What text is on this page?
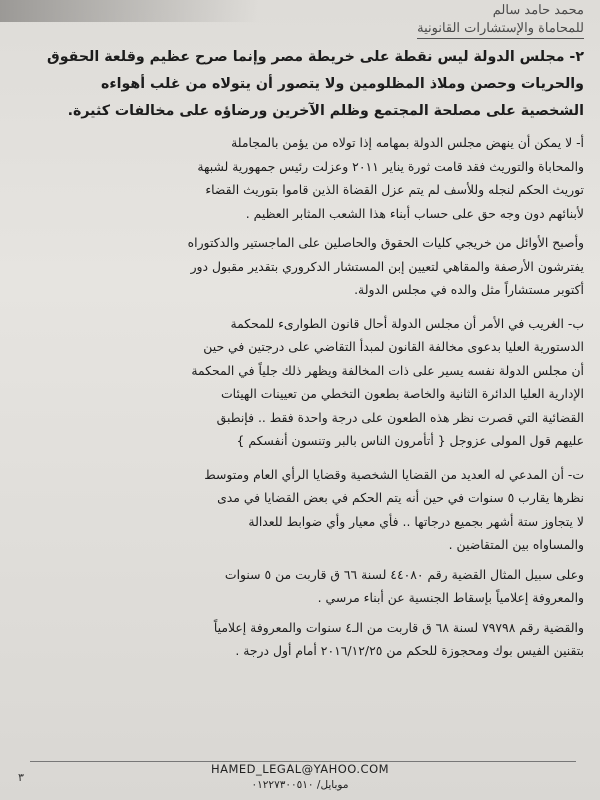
محمد حامد سالم
للمحاماة والإستشارات القانونية
٢- مجلس الدولة ليس نقطة على خريطة مصر وإنما صرح عظيم وقلعة الحقوق
والحريات وحصن وملاذ المظلومين ولا يتصور أن يتولاه من غلب أهواءه
الشخصية على مصلحة المجتمع وظلم الآخرين ورضاؤه على مخالفات كثيرة.
أ- لا يمكن أن ينهض مجلس الدولة بمهامه إذا تولاه من يؤمن بالمجاملة
والمحاباة والتوريث فقد قامت ثورة يناير ٢٠١١ وعزلت رئيس جمهورية لشبهة
توريث الحكم لنجله وللأسف لم يتم عزل القضاة الذين قاموا بتوريث القضاء
لأبنائهم دون وجه حق على حساب أبناء هذا الشعب المثابر العظيم .
وأصبح الأوائل من خريجي كليات الحقوق والحاصلين على الماجستير والدكتوراه
يفترشون الأرصفة والمقاهي لتعيين إبن المستشار الدكروري بتقدير مقبول دور
أكتوبر مستشاراً مثل والده في مجلس الدولة.
ب- الغريب في الأمر أن مجلس الدولة أحال قانون الطوارىء للمحكمة
الدستورية العليا بدعوى مخالفة القانون لمبدأ التقاضي على درجتين في حين
أن مجلس الدولة نفسه يسير على ذات المخالفة ويظهر ذلك جلياً في المحكمة
الإدارية العليا الدائرة الثانية والخاصة بطعون التخطي من تعيينات الهيئات
القضائية التي قصرت نظر هذه الطعون على درجة واحدة فقط .. فإنطبق
عليهم قول المولى عزوجل { أتأمرون الناس بالبر وتنسون أنفسكم }
ت- أن المدعي له العديد من القضايا الشخصية وقضايا الرأي العام ومتوسط
نظرها يقارب ٥ سنوات في حين أنه يتم الحكم في بعض القضايا في مدى
لا يتجاوز ستة أشهر بجميع درجاتها .. فأي معيار وأي ضوابط للعدالة
والمساواه بين المتقاضين .
وعلى سبيل المثال القضية رقم ٤٤٠٨٠ لسنة ٦٦ ق قاربت من ٥ سنوات
والمعروفة إعلامياً بإسقاط الجنسية عن أبناء مرسي .
والقضية رقم ٧٩٧٩٨ لسنة ٦٨ ق قاربت من الـ٤ سنوات والمعروفة إعلامياً
بتقنين الفيس بوك ومحجوزة للحكم من ٢٠١٦/١٢/٢٥ أمام أول درجة .
HAMED_LEGAL@YAHOO.COM
موبايل/ ٠١٢٢٧٣٠٠٥١٠
٣
